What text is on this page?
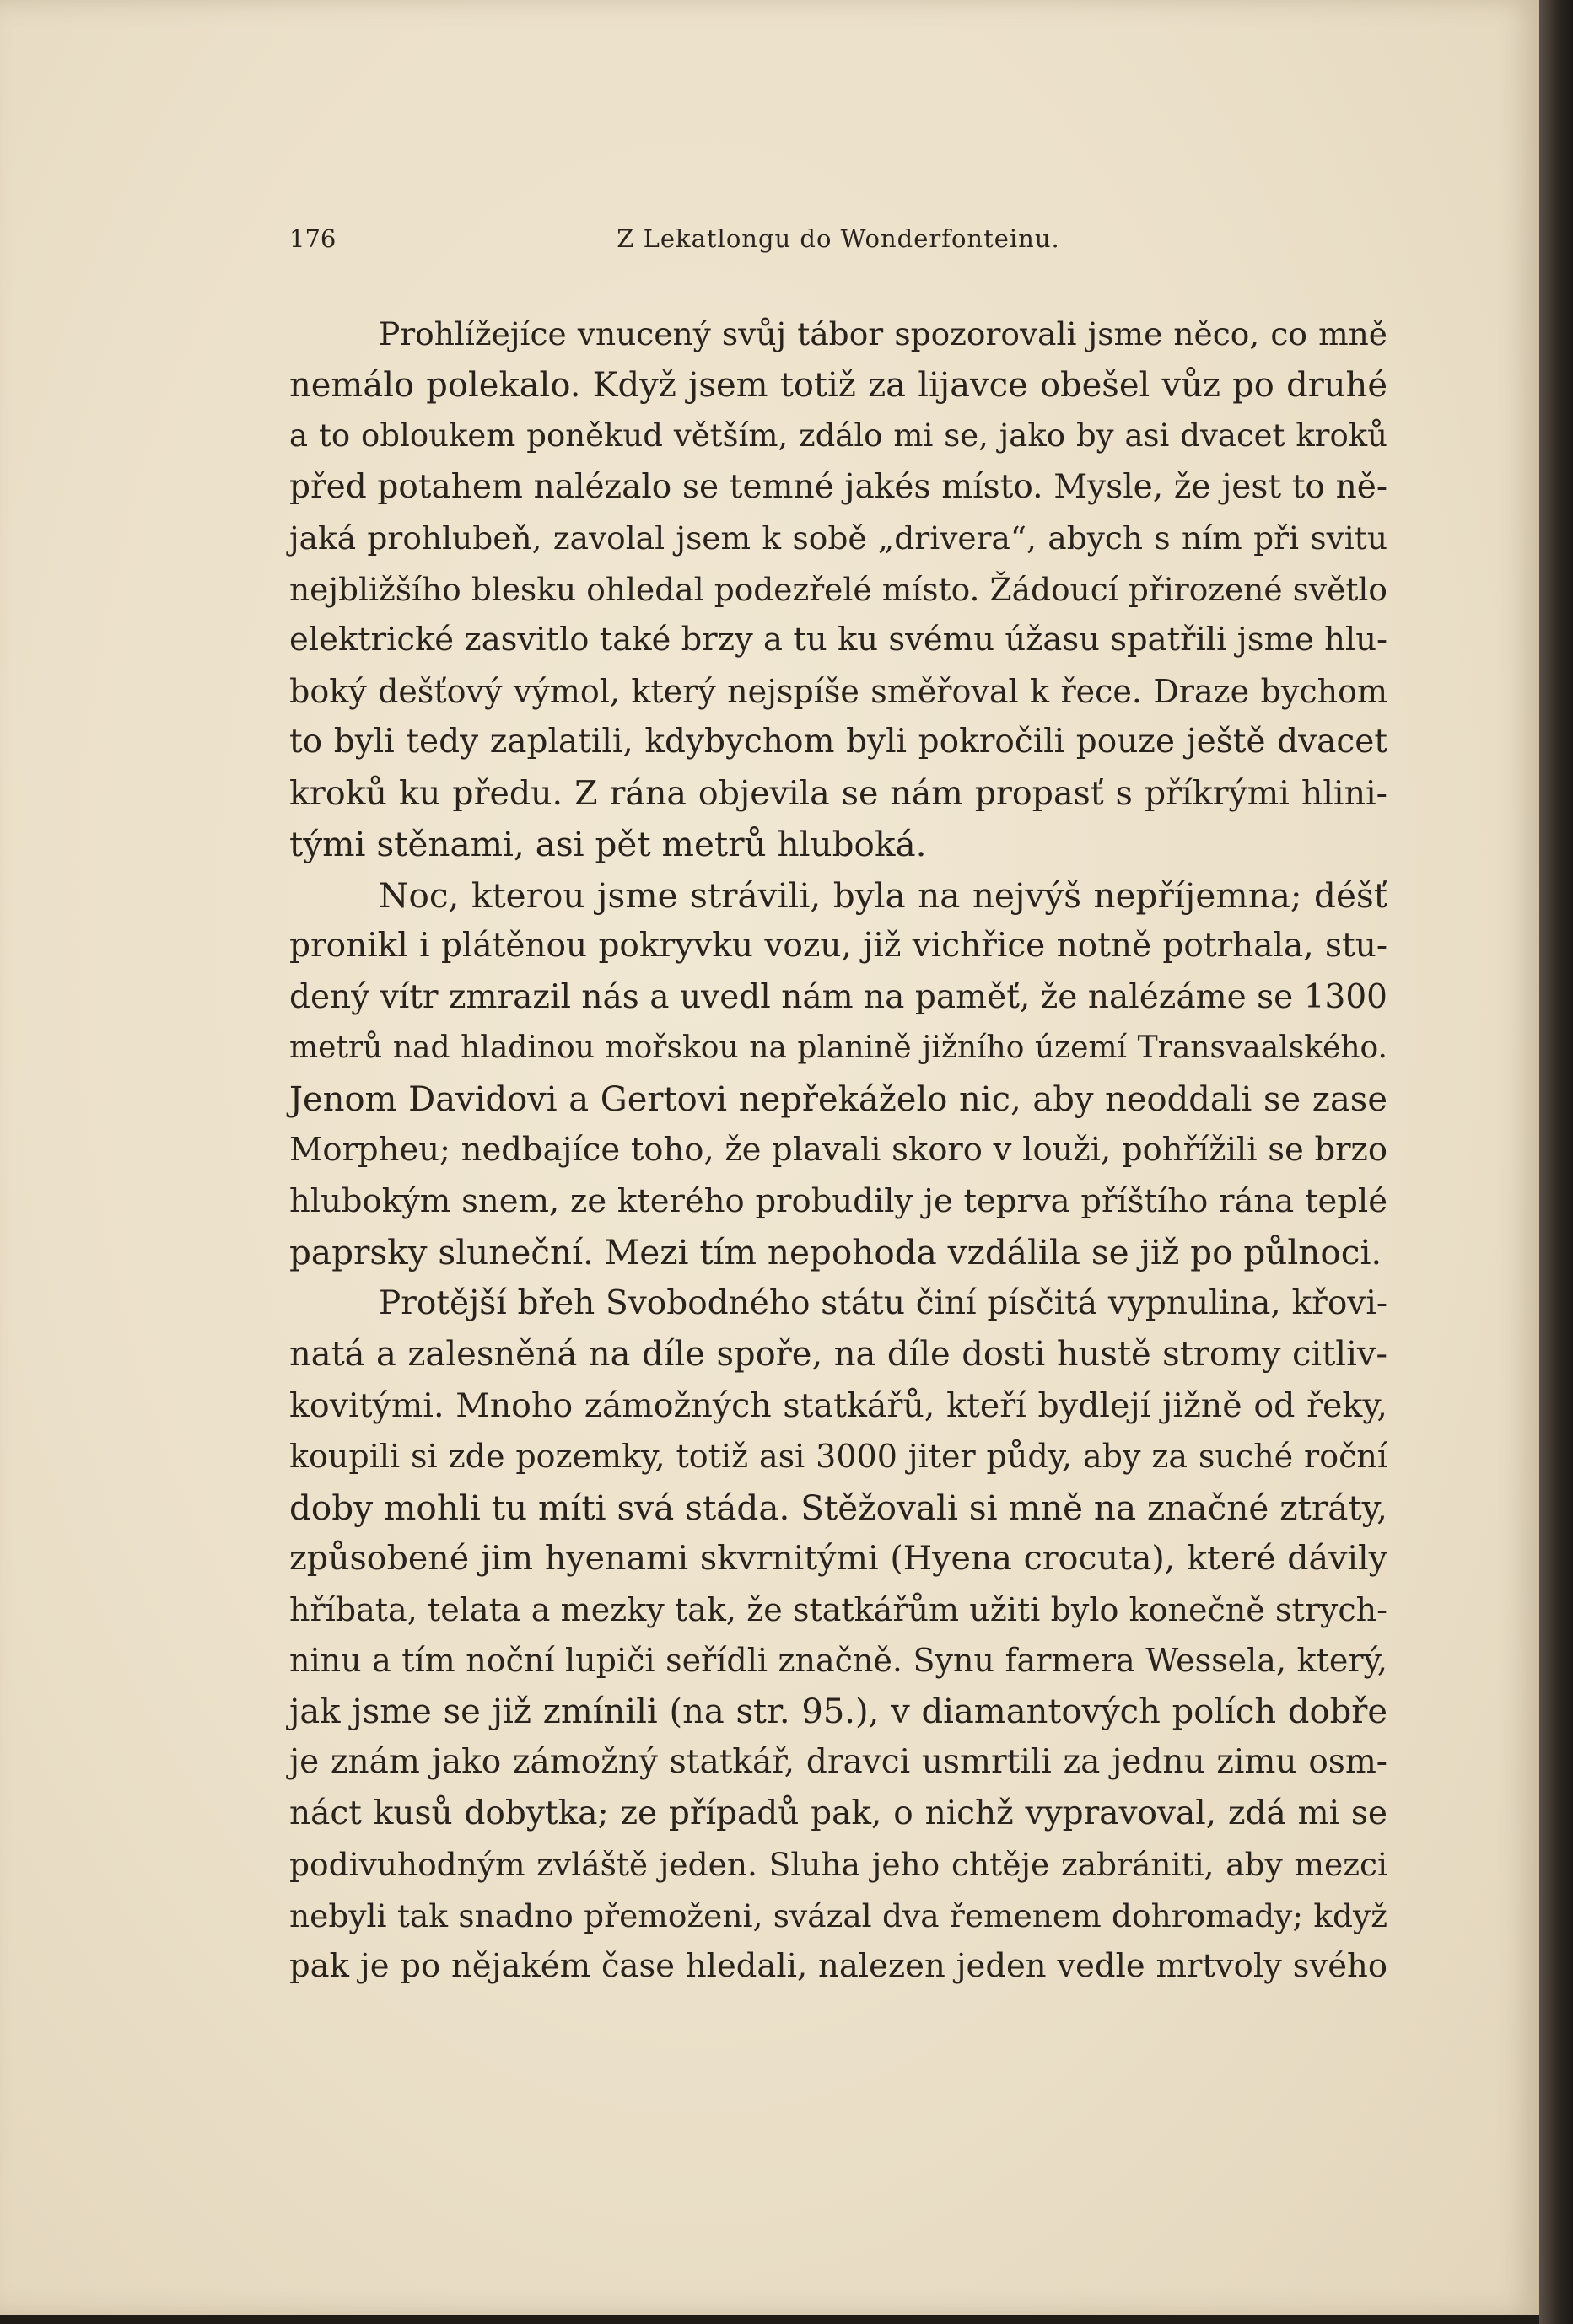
176	Z Lekatlongu do Wonderfonteinu.
Prohlížejíce vnucený svůj tábor spozorovali jsme něco, co mně
nemálo polekalo. Když jsem totiž za lijavce obešel vůz po druhé
a to obloukem poněkud větším, zdálo mi se, jako by asi dvacet kroků
před potahem nalézalo se temné jakés místo. Mysle, že jest to ně-
jaká prohlubeň, zavolal jsem k sobě „drivera“, abych s ním při svitu
nejbližšího blesku ohledal podezřelé místo. Žádoucí přirozené světlo
elektrické zasvitlo také brzy a tu ku svému úžasu spatřili jsme hlu-
boký dešťový výmol, který nejspíše směřoval k řece. Draze bychom
to byli tedy zaplatili, kdybychom byli pokročili pouze ještě dvacet
kroků ku předu. Z rána objevila se nám propasť s příkrými hlini-
tými stěnami, asi pět metrů hluboká.
Noc, kterou jsme strávili, byla na nejvýš nepříjemna; déšť
pronikl i plátěnou pokryvku vozu, již vichřice notně potrhala, stu-
dený vítr zmrazil nás a uvedl nám na paměť, že nalézáme se 1300
metrů nad hladinou mořskou na planině jižního území Transvaalského.
Jenom Davidovi a Gertovi nepřekáželo nic, aby neoddali se zase
Morpheu; nedbajíce toho, že plavali skoro v louži, pohřížili se brzo
hlubokým snem, ze kterého probudily je teprva příštího rána teplé
paprsky sluneční. Mezi tím nepohoda vzdálila se již po půlnoci.
Protější břeh Svobodného státu činí písčitá vypnulina, křovi-
natá a zalesněná na díle spoře, na díle dosti hustě stromy citliv-
kovitými. Mnoho zámožných statkářů, kteří bydlejí jižně od řeky,
koupili si zde pozemky, totiž asi 3000 jiter půdy, aby za suché roční
doby mohli tu míti svá stáda. Stěžovali si mně na značné ztráty,
způsobené jim hyenami skvrnitými (Hyena crocuta), které dávily
hříbata, telata a mezky tak, že statkářům užiti bylo konečně strych-
ninu a tím noční lupiči seřídli značně. Synu farmera Wessela, který,
jak jsme se již zmínili (na str. 95.), v diamantových polích dobře
je znám jako zámožný statkář, dravci usmrtili za jednu zimu osm-
náct kusů dobytka; ze případů pak, o nichž vypravoval, zdá mi se
podivuhodným zvláště jeden. Sluha jeho chtěje zabrániti, aby mezci
nebyli tak snadno přemoženi, svázal dva řemenem dohromady; když
pak je po nějakém čase hledali, nalezen jeden vedle mrtvoly svého
